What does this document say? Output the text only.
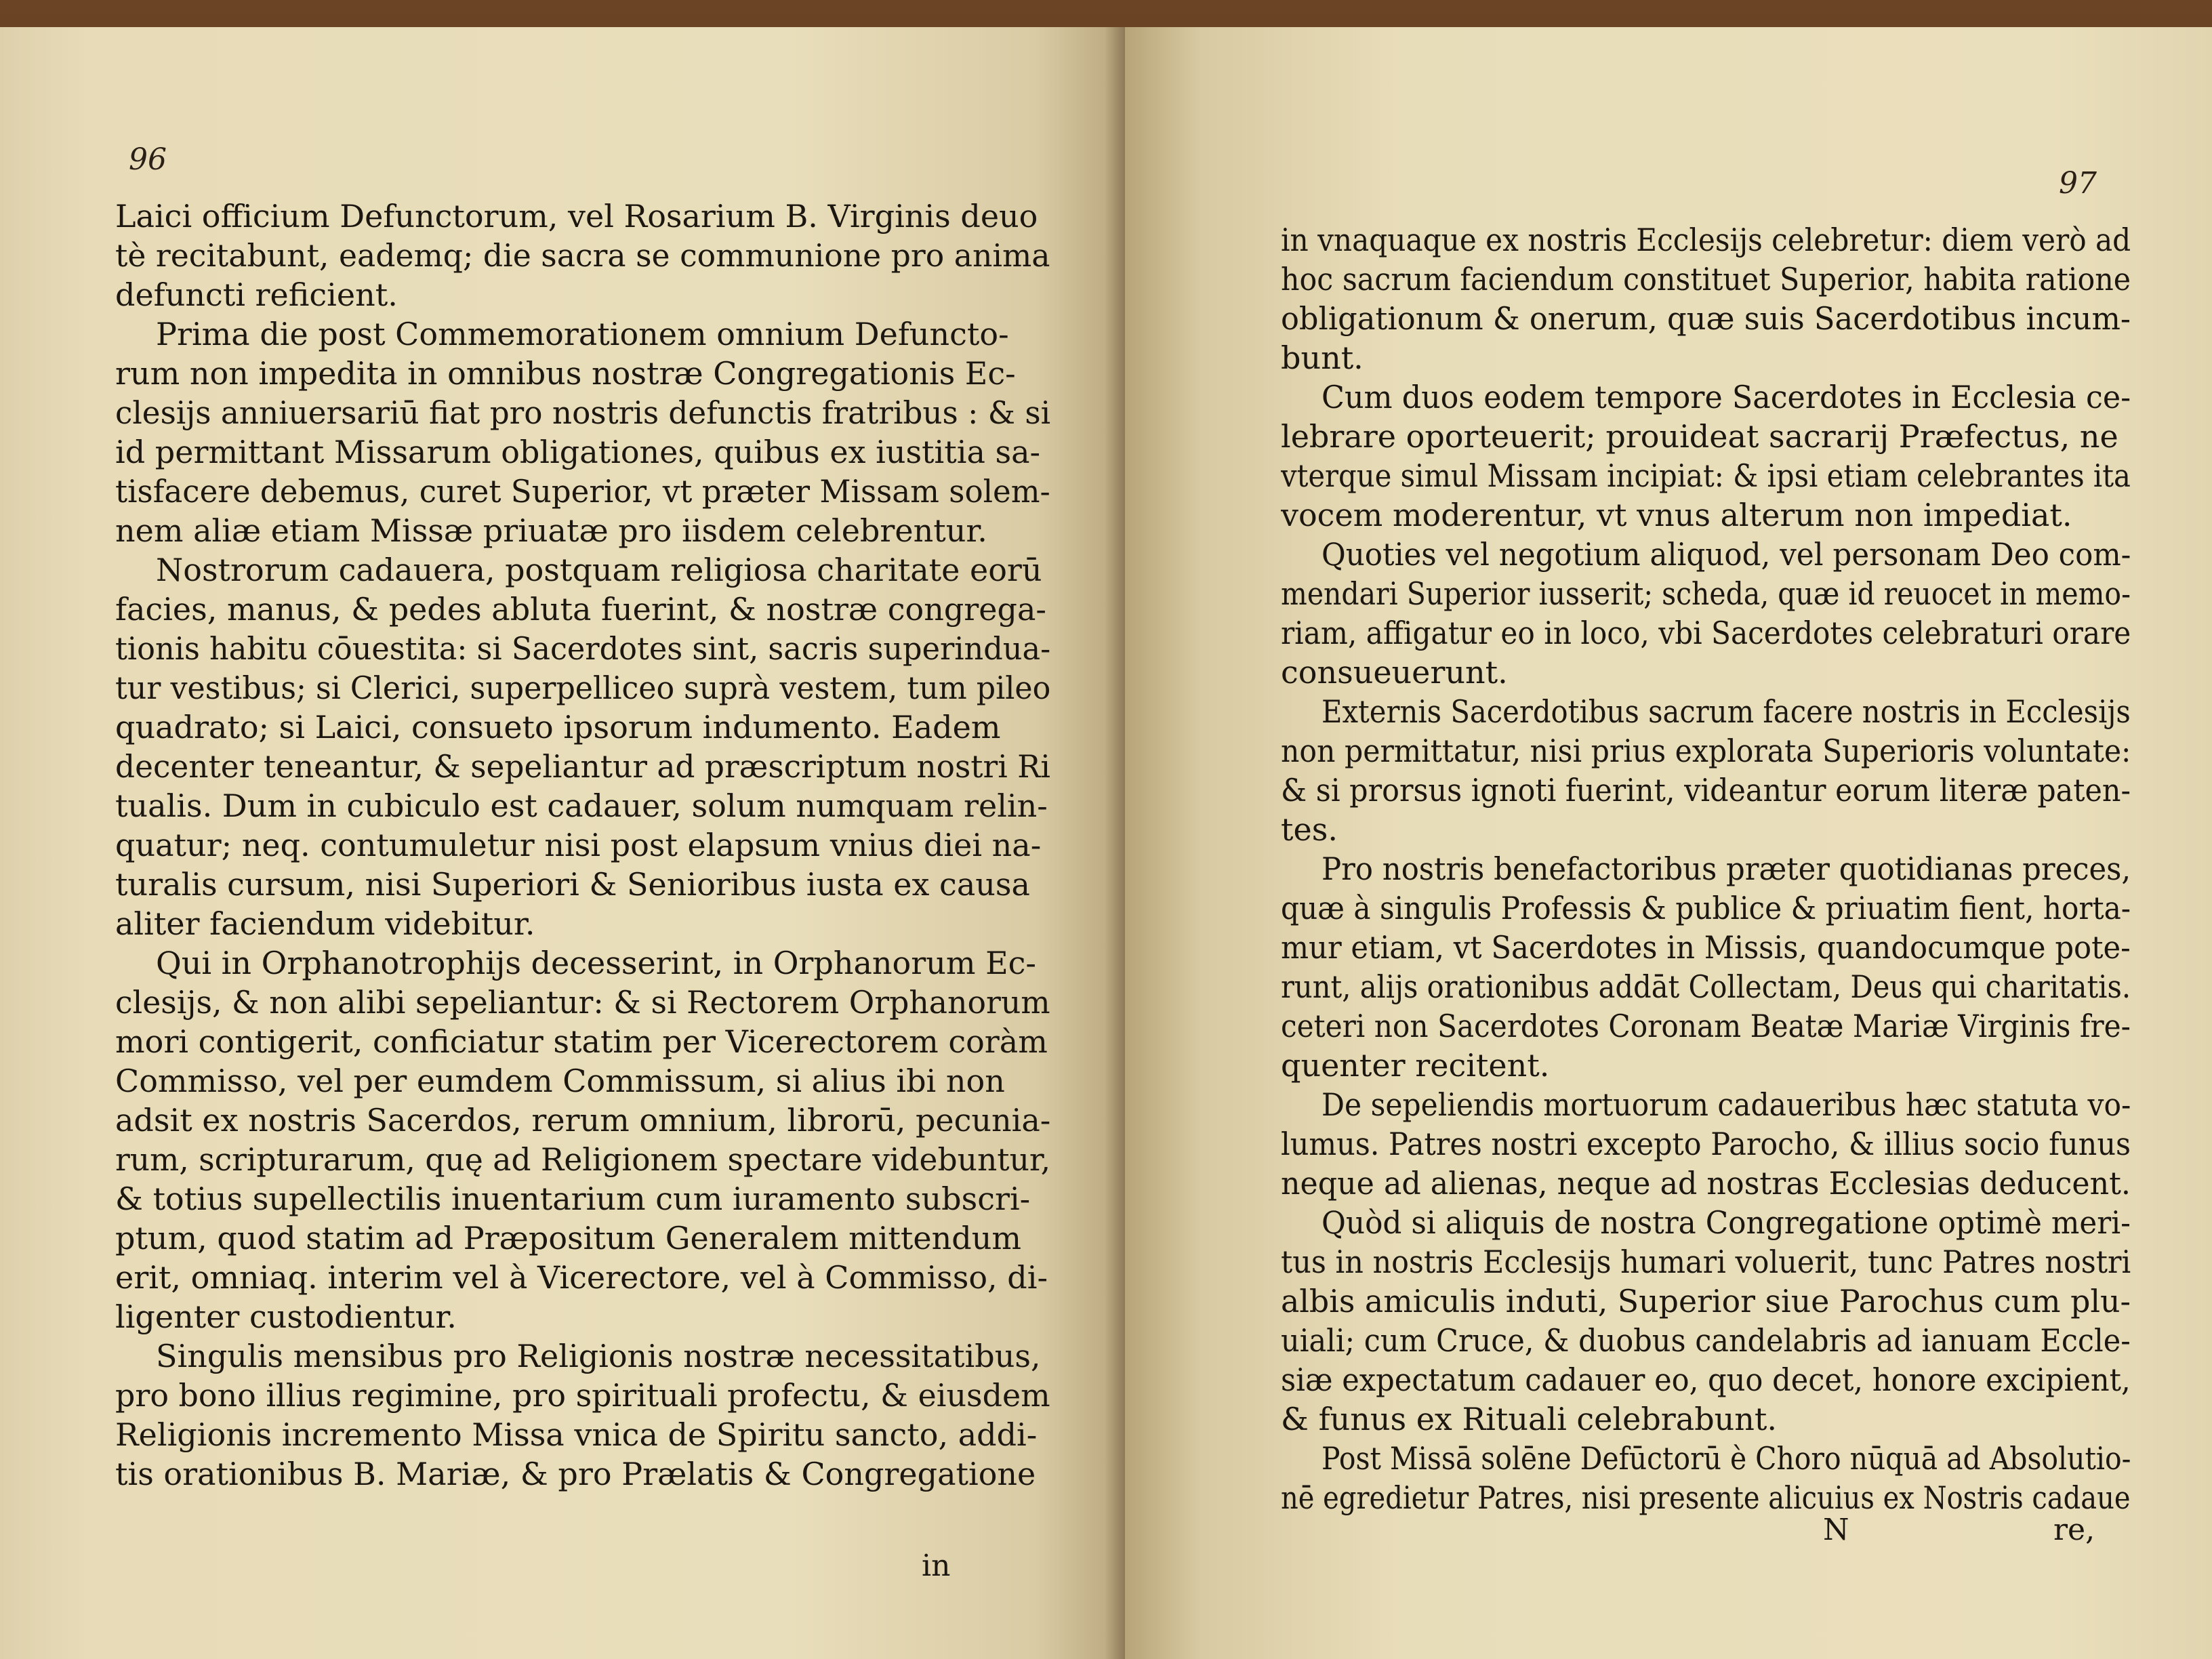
96
Laici officium Defunctorum, vel Rosarium B. Virginis deuo
tè recitabunt, eademq; die sacra se communione pro anima
defuncti reficient.
Prima die post Commemorationem omnium Defuncto-
rum non impedita in omnibus nostræ Congregationis Ec-
clesijs anniuersariū fiat pro nostris defunctis fratribus : & si
id permittant Missarum obligationes, quibus ex iustitia sa-
tisfacere debemus, curet Superior, vt præter Missam solem-
nem aliæ etiam Missæ priuatæ pro iisdem celebrentur.
Nostrorum cadauera, postquam religiosa charitate eorū
facies, manus, & pedes abluta fuerint, & nostræ congrega-
tionis habitu cōuestita: si Sacerdotes sint, sacris superindua-
tur vestibus; si Clerici, superpelliceo suprà vestem, tum pileo
quadrato; si Laici, consueto ipsorum indumento. Eadem
decenter teneantur, & sepeliantur ad præscriptum nostri Ri
tualis. Dum in cubiculo est cadauer, solum numquam relin-
quatur; neq. contumuletur nisi post elapsum vnius diei na-
turalis cursum, nisi Superiori & Senioribus iusta ex causa
aliter faciendum videbitur.
Qui in Orphanotrophijs decesserint, in Orphanorum Ec-
clesijs, & non alibi sepeliantur: & si Rectorem Orphanorum
mori contigerit, conficiatur statim per Vicerectorem coràm
Commisso, vel per eumdem Commissum, si alius ibi non
adsit ex nostris Sacerdos, rerum omnium, librorū, pecunia-
rum, scripturarum, quę ad Religionem spectare videbuntur,
& totius supellectilis inuentarium cum iuramento subscri-
ptum, quod statim ad Præpositum Generalem mittendum
erit, omniaq. interim vel à Vicerectore, vel à Commisso, di-
ligenter custodientur.
Singulis mensibus pro Religionis nostræ necessitatibus,
pro bono illius regimine, pro spirituali profectu, & eiusdem
Religionis incremento Missa vnica de Spiritu sancto, addi-
tis orationibus B. Mariæ, & pro Prælatis & Congregatione
in
97
in vnaquaque ex nostris Ecclesijs celebretur: diem verò ad
hoc sacrum faciendum constituet Superior, habita ratione
obligationum & onerum, quæ suis Sacerdotibus incum-
bunt.
Cum duos eodem tempore Sacerdotes in Ecclesia ce-
lebrare oporteuerit; prouideat sacrarij Præfectus, ne
vterque simul Missam incipiat: & ipsi etiam celebrantes ita
vocem moderentur, vt vnus alterum non impediat.
Quoties vel negotium aliquod, vel personam Deo com-
mendari Superior iusserit; scheda, quæ id reuocet in memo-
riam, affigatur eo in loco, vbi Sacerdotes celebraturi orare
consueuerunt.
Externis Sacerdotibus sacrum facere nostris in Ecclesijs
non permittatur, nisi prius explorata Superioris voluntate:
& si prorsus ignoti fuerint, videantur eorum literæ paten-
tes.
Pro nostris benefactoribus præter quotidianas preces,
quæ à singulis Professis & publice & priuatim fient, horta-
mur etiam, vt Sacerdotes in Missis, quandocumque pote-
runt, alijs orationibus addāt Collectam, Deus qui charitatis.
ceteri non Sacerdotes Coronam Beatæ Mariæ Virginis fre-
quenter recitent.
De sepeliendis mortuorum cadaueribus hæc statuta vo-
lumus. Patres nostri excepto Parocho, & illius socio funus
neque ad alienas, neque ad nostras Ecclesias deducent.
Quòd si aliquis de nostra Congregatione optimè meri-
tus in nostris Ecclesijs humari voluerit, tunc Patres nostri
albis amiculis induti, Superior siue Parochus cum plu-
uiali; cum Cruce, & duobus candelabris ad ianuam Eccle-
siæ expectatum cadauer eo, quo decet, honore excipient,
& funus ex Rituali celebrabunt.
Post Missā solēne Defūctorū è Choro nūquā ad Absolutio-
nē egredietur Patres, nisi presente alicuius ex Nostris cadaue
N	re,
